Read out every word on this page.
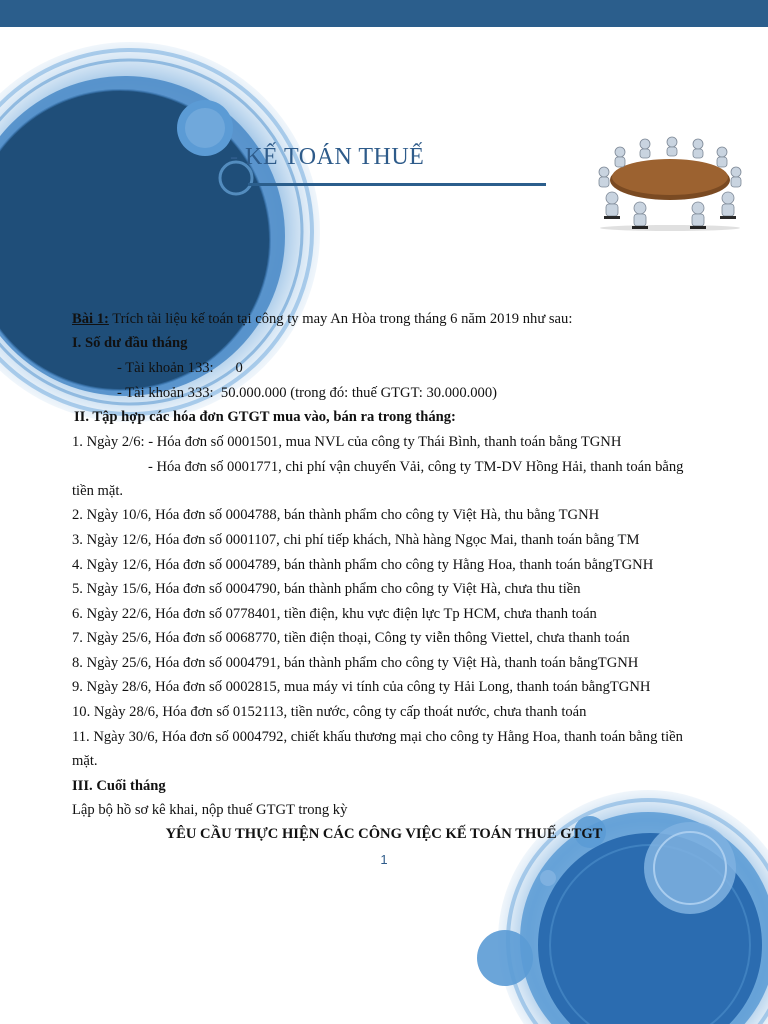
- KẾ TOÁN THUẾ
Bài 1: Trích tài liệu kế toán tại công ty may An Hòa trong tháng 6 năm 2019 như sau:
I. Số dư đầu tháng
- Tài khoản 133:      0
- Tài khoản 333:  50.000.000 (trong đó: thuế GTGT: 30.000.000)
II. Tập hợp các hóa đơn GTGT mua vào, bán ra trong tháng:
1. Ngày 2/6: - Hóa đơn số 0001501, mua NVL của công ty Thái Bình, thanh toán bằng TGNH
- Hóa đơn số 0001771, chi phí vận chuyển Vải, công ty TM-DV Hồng Hải, thanh toán bằng
tiền mặt.
2. Ngày 10/6, Hóa đơn số 0004788, bán thành phẩm cho công ty Việt Hà, thu bằng TGNH
3. Ngày 12/6, Hóa đơn số 0001107, chi phí tiếp khách, Nhà hàng Ngọc Mai, thanh toán bằng TM
4. Ngày 12/6, Hóa đơn số 0004789, bán thành phẩm cho công ty Hằng Hoa, thanh toán bằngTGNH
5. Ngày 15/6, Hóa đơn số 0004790, bán thành phẩm cho công ty Việt Hà, chưa thu tiền
6. Ngày 22/6, Hóa đơn số 0778401, tiền điện, khu vực điện lực Tp HCM, chưa thanh toán
7. Ngày 25/6, Hóa đơn số 0068770, tiền điện thoại, Công ty viễn thông Viettel, chưa thanh toán
8. Ngày 25/6, Hóa đơn số 0004791, bán thành phẩm cho công ty Việt Hà, thanh toán bằngTGNH
9. Ngày 28/6, Hóa đơn số 0002815, mua máy vi tính của công ty Hải Long, thanh toán bằngTGNH
10. Ngày 28/6, Hóa đơn số 0152113, tiền nước, công ty cấp thoát nước, chưa thanh toán
11. Ngày 30/6, Hóa đơn số 0004792, chiết khấu thương mại cho công ty Hằng Hoa, thanh toán bằng tiền
mặt.
III. Cuối tháng
Lập bộ hồ sơ kê khai, nộp thuế GTGT trong kỳ
YÊU CẦU THỰC HIỆN CÁC CÔNG VIỆC KẾ TOÁN THUẾ GTGT
1
